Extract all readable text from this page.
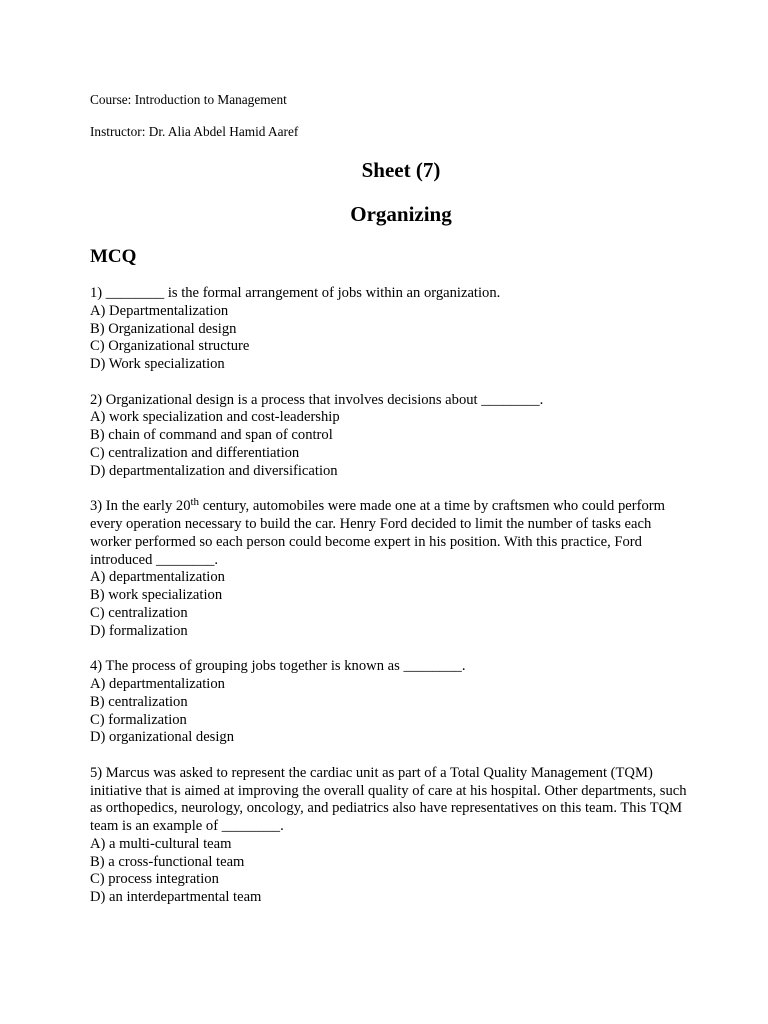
Course: Introduction to Management
Instructor: Dr. Alia Abdel Hamid Aaref
Sheet (7)
Organizing
MCQ
1) ________ is the formal arrangement of jobs within an organization.
A) Departmentalization
B) Organizational design
C) Organizational structure
D) Work specialization
2) Organizational design is a process that involves decisions about ________.
A) work specialization and cost-leadership
B) chain of command and span of control
C) centralization and differentiation
D) departmentalization and diversification
3) In the early 20th century, automobiles were made one at a time by craftsmen who could perform every operation necessary to build the car. Henry Ford decided to limit the number of tasks each worker performed so each person could become expert in his position. With this practice, Ford introduced ________.
A) departmentalization
B) work specialization
C) centralization
D) formalization
4) The process of grouping jobs together is known as ________.
A) departmentalization
B) centralization
C) formalization
D) organizational design
5) Marcus was asked to represent the cardiac unit as part of a Total Quality Management (TQM) initiative that is aimed at improving the overall quality of care at his hospital. Other departments, such as orthopedics, neurology, oncology, and pediatrics also have representatives on this team. This TQM team is an example of ________.
A) a multi-cultural team
B) a cross-functional team
C) process integration
D) an interdepartmental team
